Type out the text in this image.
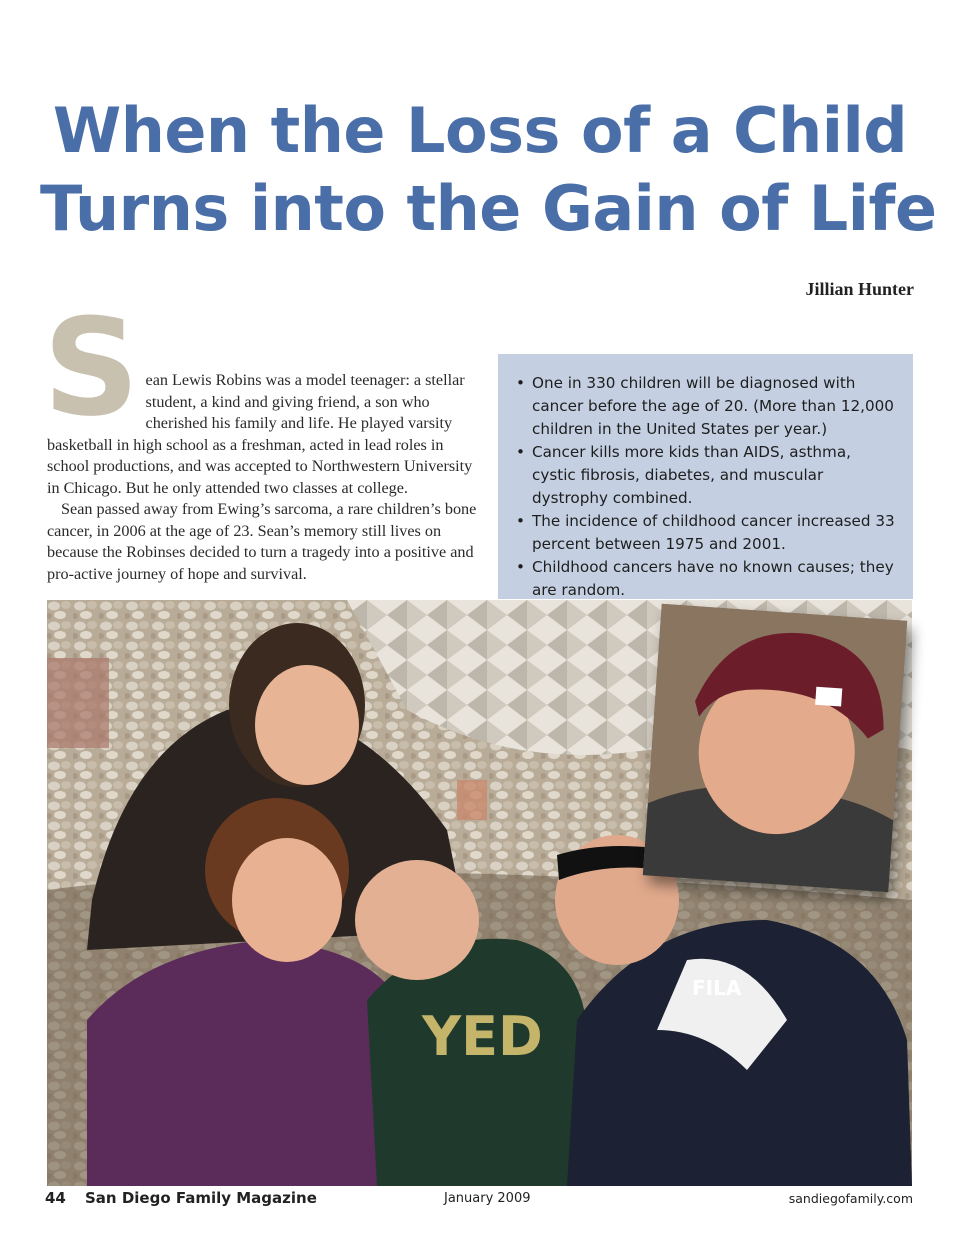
When the Loss of a Child
Turns into the Gain of Life
Jillian Hunter
S ean Lewis Robins was a model teenager: a stellar student, a kind and giving friend, a son who cherished his family and life. He played varsity basketball in high school as a freshman, acted in lead roles in school productions, and was accepted to Northwestern University in Chicago. But he only attended two classes at college.

Sean passed away from Ewing’s sarcoma, a rare children’s bone cancer, in 2006 at the age of 23. Sean’s memory still lives on because the Robinses decided to turn a tragedy into a positive and pro-active journey of hope and survival.

• One in 330 children will be diagnosed with cancer before the age of 20. (More than 12,000 children in the United States per year.)
• Cancer kills more kids than AIDS, asthma, cystic fibrosis, diabetes, and muscular dystrophy combined.
• The incidence of childhood cancer increased 33 percent between 1975 and 2001.
• Childhood cancers have no known causes; they are random.
YED
FILA
44 San Diego Family Magazine	January 2009	sandiegofamily.com
